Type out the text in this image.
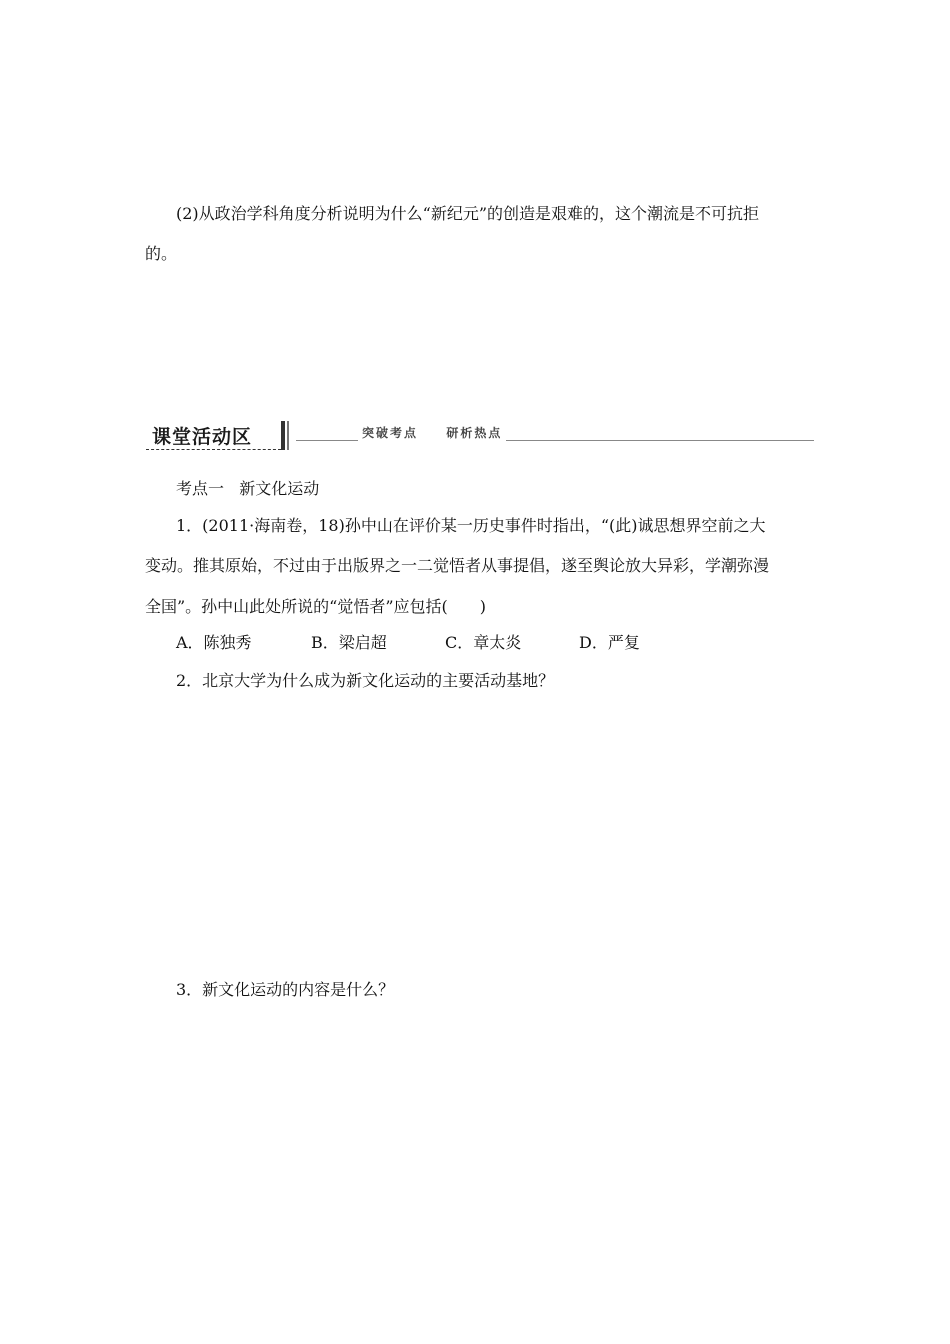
(2)从政治学科角度分析说明为什么“新纪元”的创造是艰难的，这个潮流是不可抗拒
的。
课堂活动区	突破考点  研析热点
考点一   新文化运动
1．(2011·海南卷，18)孙中山在评价某一历史事件时指出，“(此)诚思想界空前之大
变动。推其原始，不过由于出版界之一二觉悟者从事提倡，遂至舆论放大异彩，学潮弥漫
全国”。孙中山此处所说的“觉悟者”应包括(　　)
A．陈独秀	B．梁启超	C．章太炎	D．严复
2．北京大学为什么成为新文化运动的主要活动基地？
3．新文化运动的内容是什么？
